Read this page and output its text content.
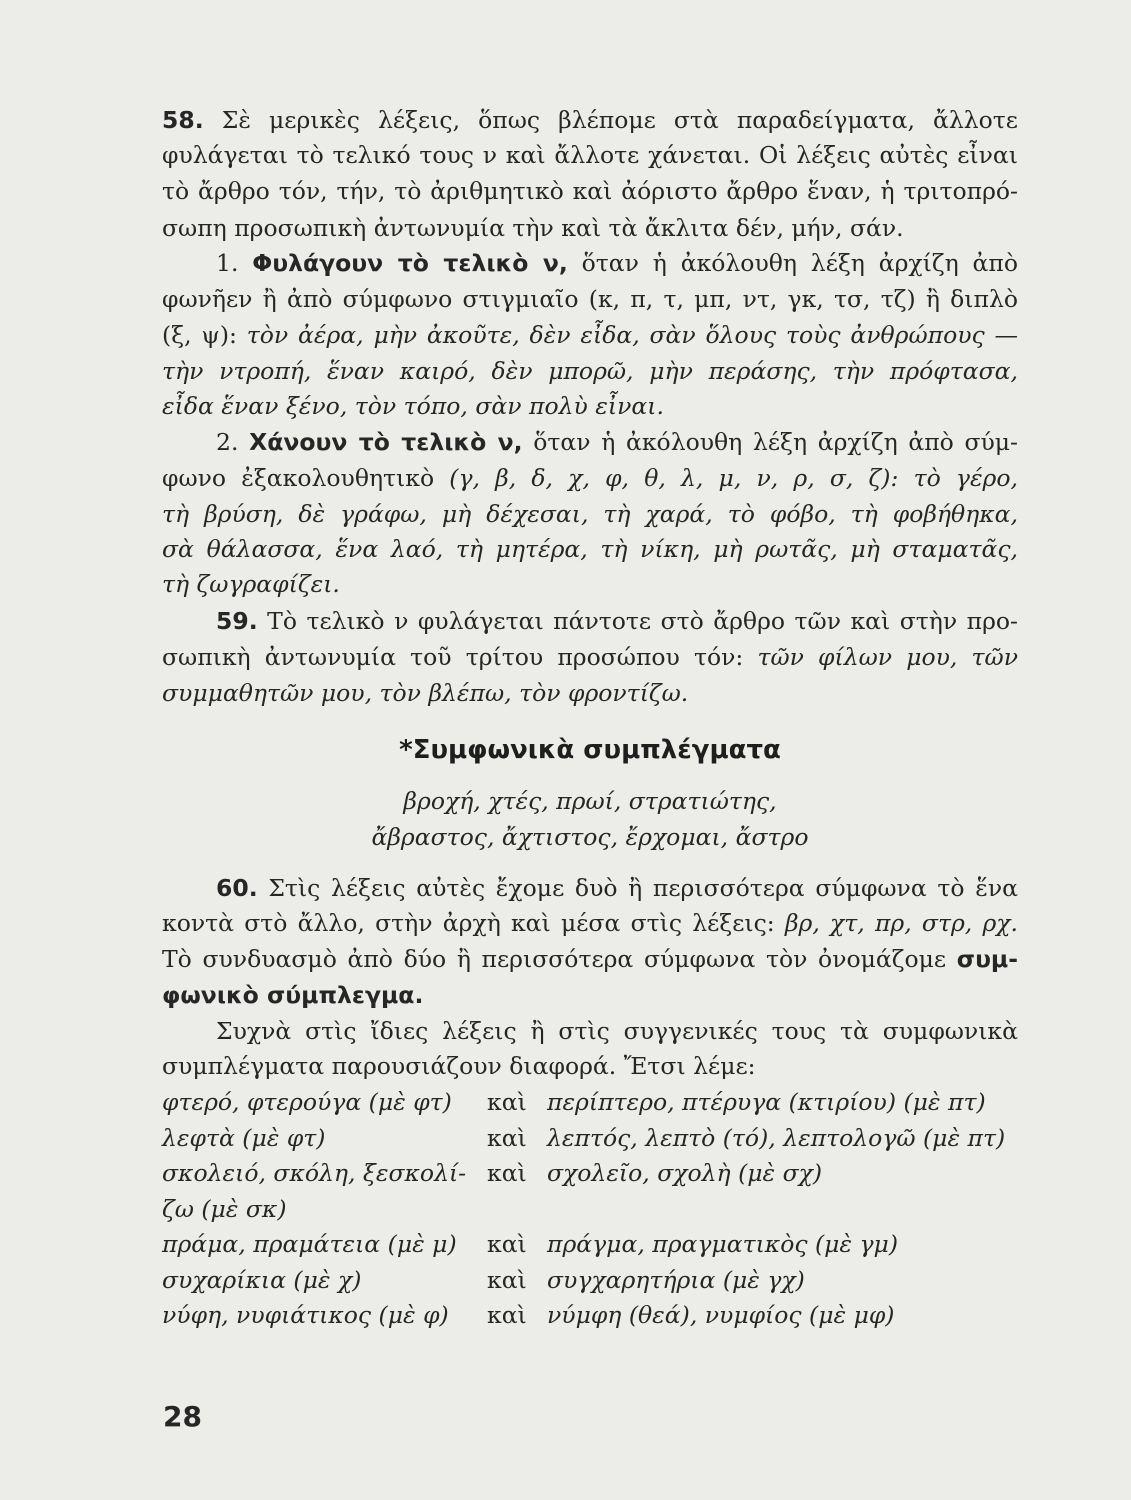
58. Σὲ μερικὲς λέξεις, ὅπως βλέπομε στὰ παραδείγματα, ἄλλοτε
φυλάγεται τὸ τελικό τους ν καὶ ἄλλοτε χάνεται. Οἱ λέξεις αὐτὲς εἶναι
τὸ ἄρθρο τόν, τήν, τὸ ἀριθμητικὸ καὶ ἀόριστο ἄρθρο ἕναν, ἡ τριτοπρό-
σωπη προσωπικὴ ἀντωνυμία τὴν καὶ τὰ ἄκλιτα δέν, μήν, σάν.
1. Φυλάγουν τὸ τελικὸ ν, ὅταν ἡ ἀκόλουθη λέξη ἀρχίζη ἀπὸ
φωνῆεν ἢ ἀπὸ σύμφωνο στιγμιαῖο (κ, π, τ, μπ, ντ, γκ, τσ, τζ) ἢ διπλὸ
(ξ, ψ): τὸν ἀέρα, μὴν ἀκοῦτε, δὲν εἶδα, σὰν ὅλους τοὺς ἀνθρώπους —
τὴν ντροπή, ἕναν καιρό, δὲν μπορῶ, μὴν περάσης, τὴν πρόφτασα,
εἶδα ἕναν ξένο, τὸν τόπο, σὰν πολὺ εἶναι.
2. Χάνουν τὸ τελικὸ ν, ὅταν ἡ ἀκόλουθη λέξη ἀρχίζη ἀπὸ σύμ-
φωνο ἐξακολουθητικὸ (γ, β, δ, χ, φ, θ, λ, μ, ν, ρ, σ, ζ): τὸ γέρο,
τὴ βρύση, δὲ γράφω, μὴ δέχεσαι, τὴ χαρά, τὸ φόβο, τὴ φοβήθηκα,
σὰ θάλασσα, ἕνα λαό, τὴ μητέρα, τὴ νίκη, μὴ ρωτᾶς, μὴ σταματᾶς,
τὴ ζωγραφίζει.
59. Τὸ τελικὸ ν φυλάγεται πάντοτε στὸ ἄρθρο τῶν καὶ στὴν προ-
σωπικὴ ἀντωνυμία τοῦ τρίτου προσώπου τόν: τῶν φίλων μου, τῶν
συμμαθητῶν μου, τὸν βλέπω, τὸν φροντίζω.
*Συμφωνικὰ συμπλέγματα
βροχή, χτές, πρωί, στρατιώτης,
ἄβραστος, ἄχτιστος, ἔρχομαι, ἄστρο
60. Στὶς λέξεις αὐτὲς ἔχομε δυὸ ἢ περισσότερα σύμφωνα τὸ ἕνα
κοντὰ στὸ ἄλλο, στὴν ἀρχὴ καὶ μέσα στὶς λέξεις: βρ, χτ, πρ, στρ, ρχ.
Τὸ συνδυασμὸ ἀπὸ δύο ἢ περισσότερα σύμφωνα τὸν ὀνομάζομε συμ-
φωνικὸ σύμπλεγμα.
Συχνὰ στὶς ἴδιες λέξεις ἢ στὶς συγγενικές τους τὰ συμφωνικὰ
συμπλέγματα παρουσιάζουν διαφορά. Ἔτσι λέμε:
φτερό, φτερούγα (μὲ φτ) καὶ περίπτερο, πτέρυγα (κτιρίου) (μὲ πτ)
λεφτὰ (μὲ φτ)	καὶ λεπτός, λεπτὸ (τό), λεπτολογῶ (μὲ πτ)
σκολειό, σκόλη, ξεσκολί- καὶ σχολεῖο, σχολὴ (μὲ σχ)
ζω (μὲ σκ)
πράμα, πραμάτεια (μὲ μ) καὶ πράγμα, πραγματικὸς (μὲ γμ)
συχαρίκια (μὲ χ)	καὶ συγχαρητήρια (μὲ γχ)
νύφη, νυφιάτικος (μὲ φ) καὶ νύμφη (θεά), νυμφίος (μὲ μφ)
28
